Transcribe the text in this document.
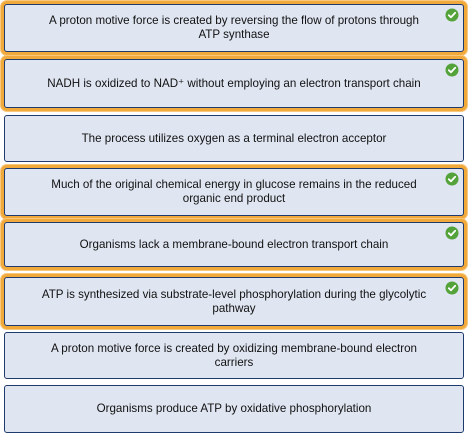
A proton motive force is created by reversing the flow of protons through ATP synthase
NADH is oxidized to NAD⁺ without employing an electron transport chain
The process utilizes oxygen as a terminal electron acceptor
Much of the original chemical energy in glucose remains in the reduced organic end product
Organisms lack a membrane-bound electron transport chain
ATP is synthesized via substrate-level phosphorylation during the glycolytic pathway
A proton motive force is created by oxidizing membrane-bound electron carriers
Organisms produce ATP by oxidative phosphorylation
